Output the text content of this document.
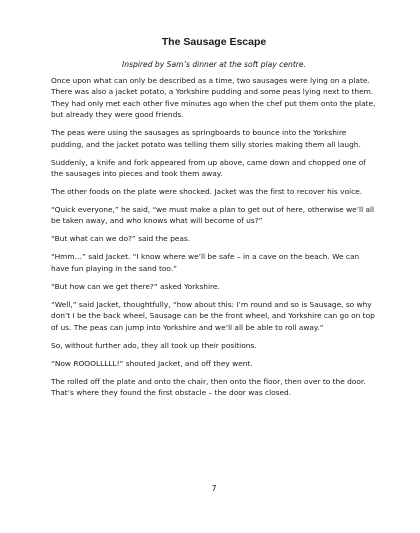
The Sausage Escape

Inspired by Sam’s dinner at the soft play centre.

Once upon what can only be described as a time, two sausages were lying on a plate. There was also a jacket potato, a Yorkshire pudding and some peas lying next to them. They had only met each other five minutes ago when the chef put them onto the plate, but already they were good friends.

The peas were using the sausages as springboards to bounce into the Yorkshire pudding, and the jacket potato was telling them silly stories making them all laugh.

Suddenly, a knife and fork appeared from up above, came down and chopped one of the sausages into pieces and took them away.

The other foods on the plate were shocked. Jacket was the first to recover his voice.

“Quick everyone,” he said, “we must make a plan to get out of here, otherwise we’ll all be taken away, and who knows what will become of us?”

“But what can we do?” said the peas.

“Hmm…” said Jacket. “I know where we’ll be safe – in a cave on the beach. We can have fun playing in the sand too.”

“But how can we get there?” asked Yorkshire.

“Well,” said Jacket, thoughtfully, “how about this: I’m round and so is Sausage, so why don’t I be the back wheel, Sausage can be the front wheel, and Yorkshire can go on top of us. The peas can jump into Yorkshire and we’ll all be able to roll away.”

So, without further ado, they all took up their positions.

“Now ROOOLLLLL!” shouted Jacket, and off they went.

The rolled off the plate and onto the chair, then onto the floor, then over to the door. That’s where they found the first obstacle – the door was closed.

7
